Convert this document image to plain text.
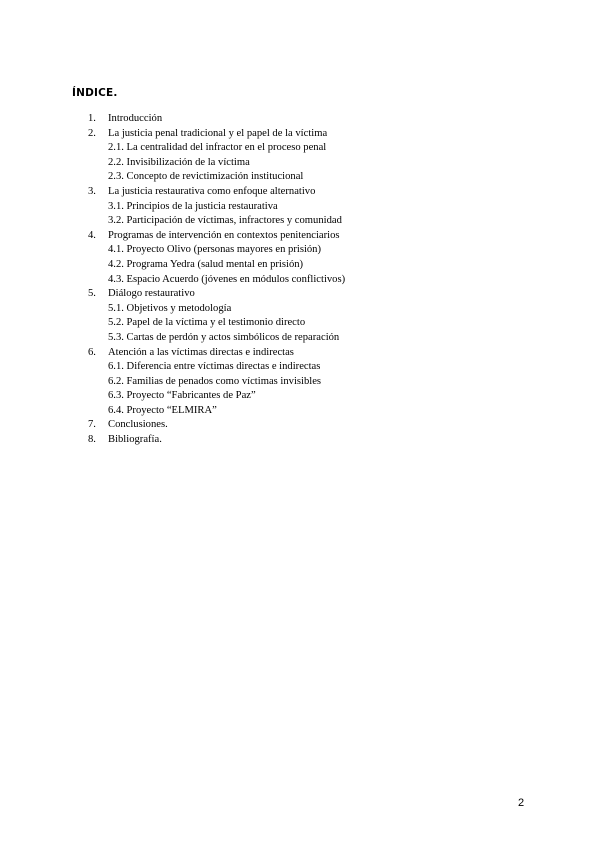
ÍNDICE.
1. Introducción
2. La justicia penal tradicional y el papel de la víctima
2.1. La centralidad del infractor en el proceso penal
2.2. Invisibilización de la víctima
2.3. Concepto de revictimización institucional
3. La justicia restaurativa como enfoque alternativo
3.1. Principios de la justicia restaurativa
3.2. Participación de víctimas, infractores y comunidad
4. Programas de intervención en contextos penitenciarios
4.1. Proyecto Olivo (personas mayores en prisión)
4.2. Programa Yedra (salud mental en prisión)
4.3. Espacio Acuerdo (jóvenes en módulos conflictivos)
5. Diálogo restaurativo
5.1. Objetivos y metodología
5.2. Papel de la víctima y el testimonio directo
5.3. Cartas de perdón y actos simbólicos de reparación
6. Atención a las víctimas directas e indirectas
6.1. Diferencia entre víctimas directas e indirectas
6.2. Familias de penados como víctimas invisibles
6.3. Proyecto “Fabricantes de Paz”
6.4. Proyecto “ELMIRA”
7. Conclusiones.
8. Bibliografía.
2
